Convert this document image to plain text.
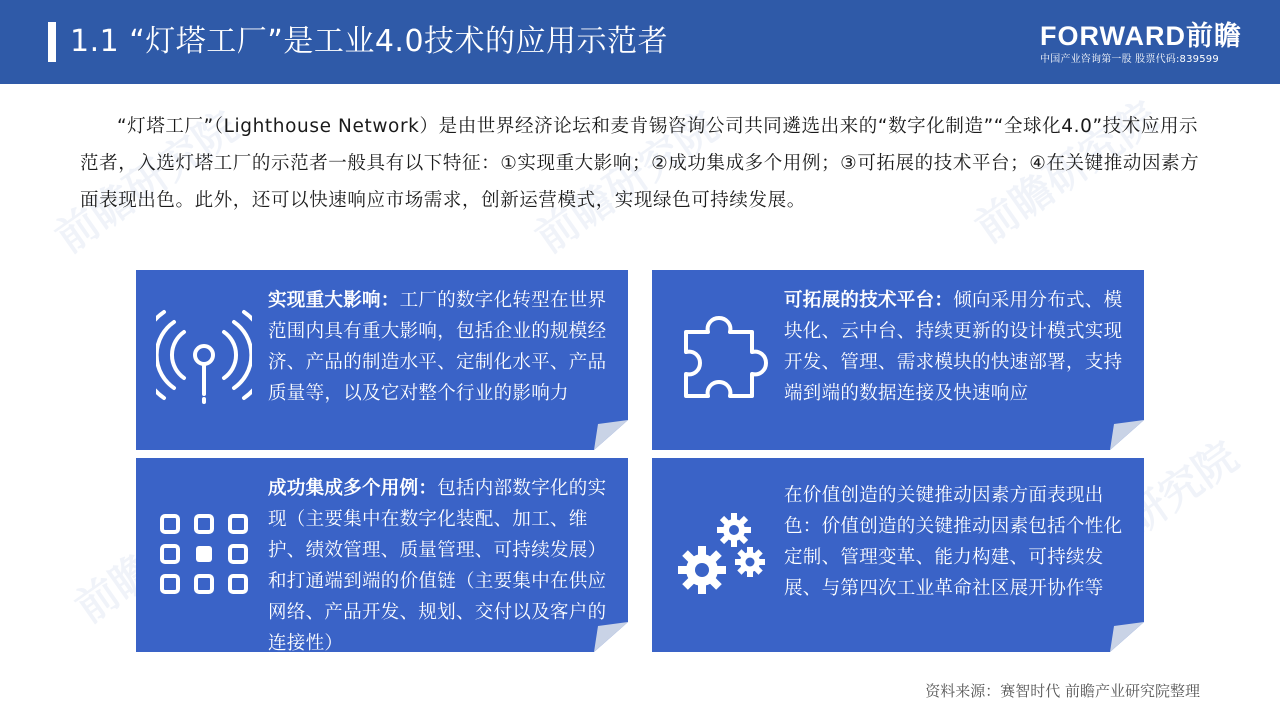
1.1 “灯塔工厂”是工业4.0技术的应用示范者	FORWARD前瞻
中国产业咨询第一股 股票代码:839599
前瞻研究院	前瞻研究院	前瞻研究院
前瞻研究院

“灯塔工厂”（Lighthouse Network）是由世界经济论坛和麦肯锡咨询公司共同遴选出来的“数字化制造”“全球化4.0”技术应用示范者，入选灯塔工厂的示范者一般具有以下特征：①实现重大影响；②成功集成多个用例；③可拓展的技术平台；④在关键推动因素方面表现出色。此外，还可以快速响应市场需求，创新运营模式，实现绿色可持续发展。

实现重大影响：工厂的数字化转型在世界范围内具有重大影响，包括企业的规模经济、产品的制造水平、定制化水平、产品质量等，以及它对整个行业的影响力
可拓展的技术平台：倾向采用分布式、模块化、云中台、持续更新的设计模式实现开发、管理、需求模块的快速部署，支持端到端的数据连接及快速响应
成功集成多个用例：包括内部数字化的实现（主要集中在数字化装配、加工、维护、绩效管理、质量管理、可持续发展）和打通端到端的价值链（主要集中在供应网络、产品开发、规划、交付以及客户的连接性）
在价值创造的关键推动因素方面表现出色：价值创造的关键推动因素包括个性化定制、管理变革、能力构建、可持续发展、与第四次工业革命社区展开协作等
资料来源：赛智时代 前瞻产业研究院整理
